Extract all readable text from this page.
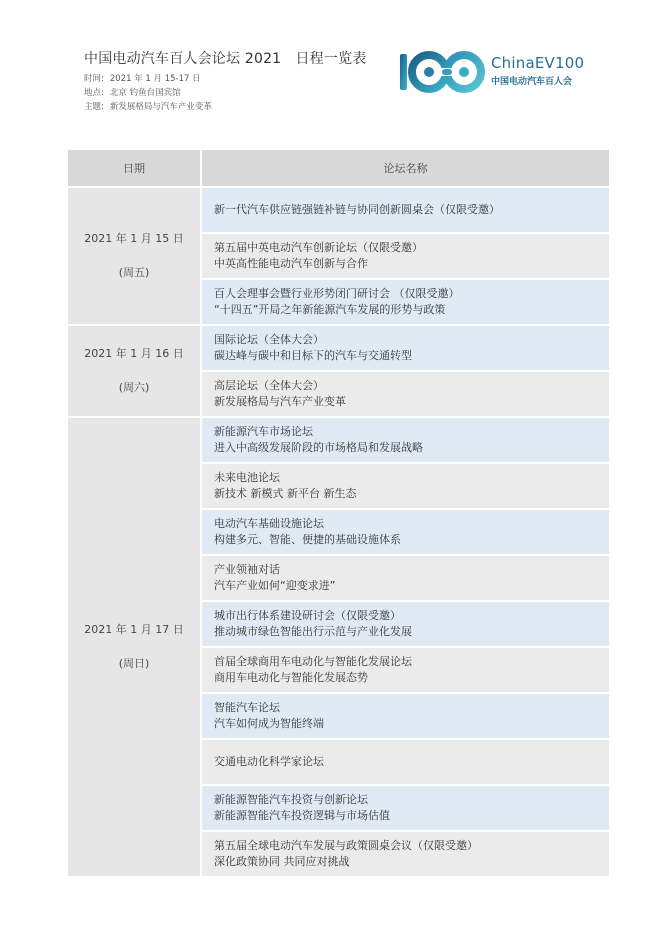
中国电动汽车百人会论坛 2021　日程一览表
时间: 2021 年 1 月 15-17 日
地点: 北京 钓鱼台国宾馆
主题: 新发展格局与汽车产业变革
ChinaEV100
中国电动汽车百人会
日期	论坛名称
2021 年 1 月 15 日
(周五)
新一代汽车供应链强链补链与协同创新圆桌会（仅限受邀）
第五届中英电动汽车创新论坛（仅限受邀）
中英高性能电动汽车创新与合作
百人会理事会暨行业形势闭门研讨会 （仅限受邀）
“十四五”开局之年新能源汽车发展的形势与政策
2021 年 1 月 16 日
(周六)
国际论坛（全体大会）
碳达峰与碳中和目标下的汽车与交通转型
高层论坛（全体大会）
新发展格局与汽车产业变革
2021 年 1 月 17 日
(周日)
新能源汽车市场论坛
进入中高级发展阶段的市场格局和发展战略
未来电池论坛
新技术 新模式 新平台 新生态
电动汽车基础设施论坛
构建多元、智能、便捷的基础设施体系
产业领袖对话
汽车产业如何“迎变求进”
城市出行体系建设研讨会（仅限受邀）
推动城市绿色智能出行示范与产业化发展
首届全球商用车电动化与智能化发展论坛
商用车电动化与智能化发展态势
智能汽车论坛
汽车如何成为智能终端
交通电动化科学家论坛
新能源智能汽车投资与创新论坛
新能源智能汽车投资逻辑与市场估值
第五届全球电动汽车发展与政策圆桌会议（仅限受邀）
深化政策协同 共同应对挑战
